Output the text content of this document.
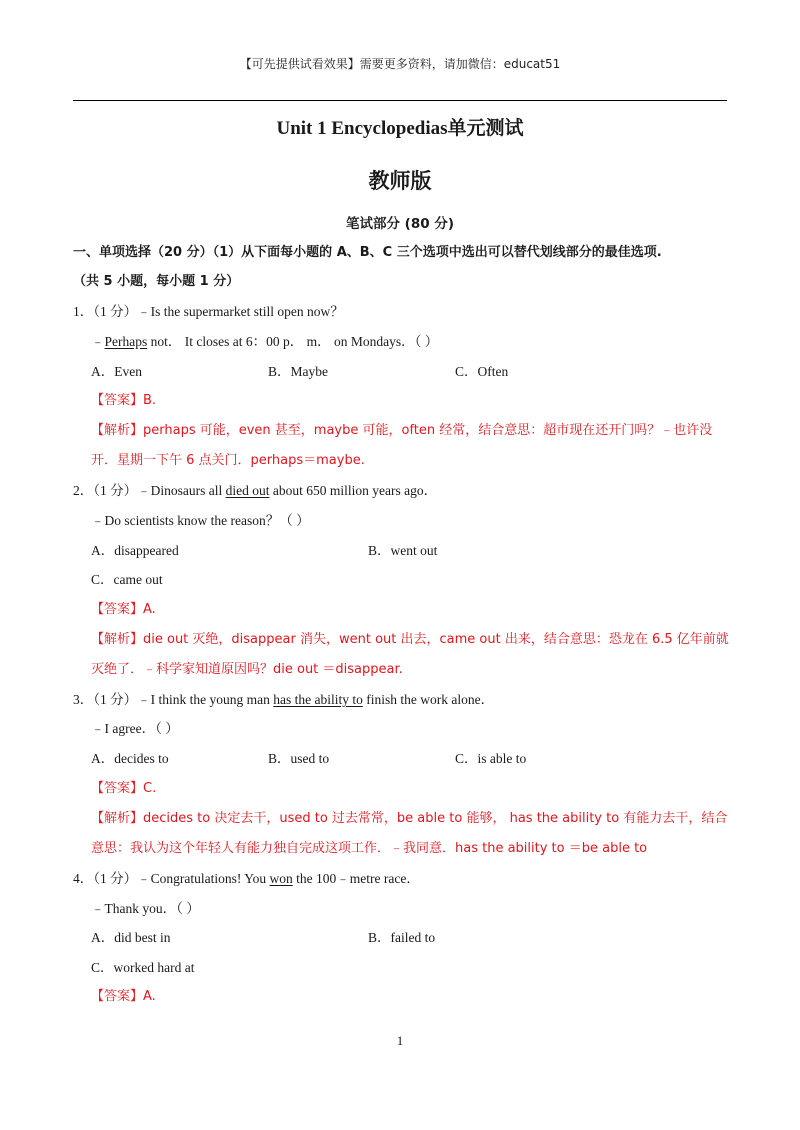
【可先提供试看效果】需要更多资料，请加微信：educat51
Unit 1 Encyclopedias单元测试
教师版
笔试部分 (80 分)
一、单项选择（20 分）（1）从下面每小题的 A、B、C 三个选项中选出可以替代划线部分的最佳选项.
（共 5 小题，每小题 1 分）
1．（1 分）﹣Is the supermarket still open now？
﹣Perhaps not． It closes at 6：00 p． m． on Mondays．（ ）
A．Even	B．Maybe	C．Often
【答案】B.
【解析】perhaps 可能，even 甚至，maybe 可能，often 经常，结合意思：超市现在还开门吗？﹣也许没
开．星期一下午 6 点关门．perhaps＝maybe.
2．（1 分）﹣Dinosaurs all died out about 650 million years ago．
﹣Do scientists know the reason？（ ）
A．disappeared	B．went out
C．came out
【答案】A.
【解析】die out 灭绝，disappear 消失，went out 出去，came out 出来，结合意思：恐龙在 6.5 亿年前就
灭绝了．﹣科学家知道原因吗？die out ＝disappear.
3．（1 分）﹣I think the young man has the ability to finish the work alone．
﹣I agree．（ ）
A．decides to	B．used to	C．is able to
【答案】C.
【解析】decides to 决定去干，used to 过去常常，be able to 能够， has the ability to 有能力去干，结合
意思：我认为这个年轻人有能力独自完成这项工作．﹣我同意．has the ability to ＝be able to
4．（1 分）﹣Congratulations! You won the 100﹣metre race．
﹣Thank you．（ ）
A．did best in	B．failed to
C．worked hard at
【答案】A.
1
